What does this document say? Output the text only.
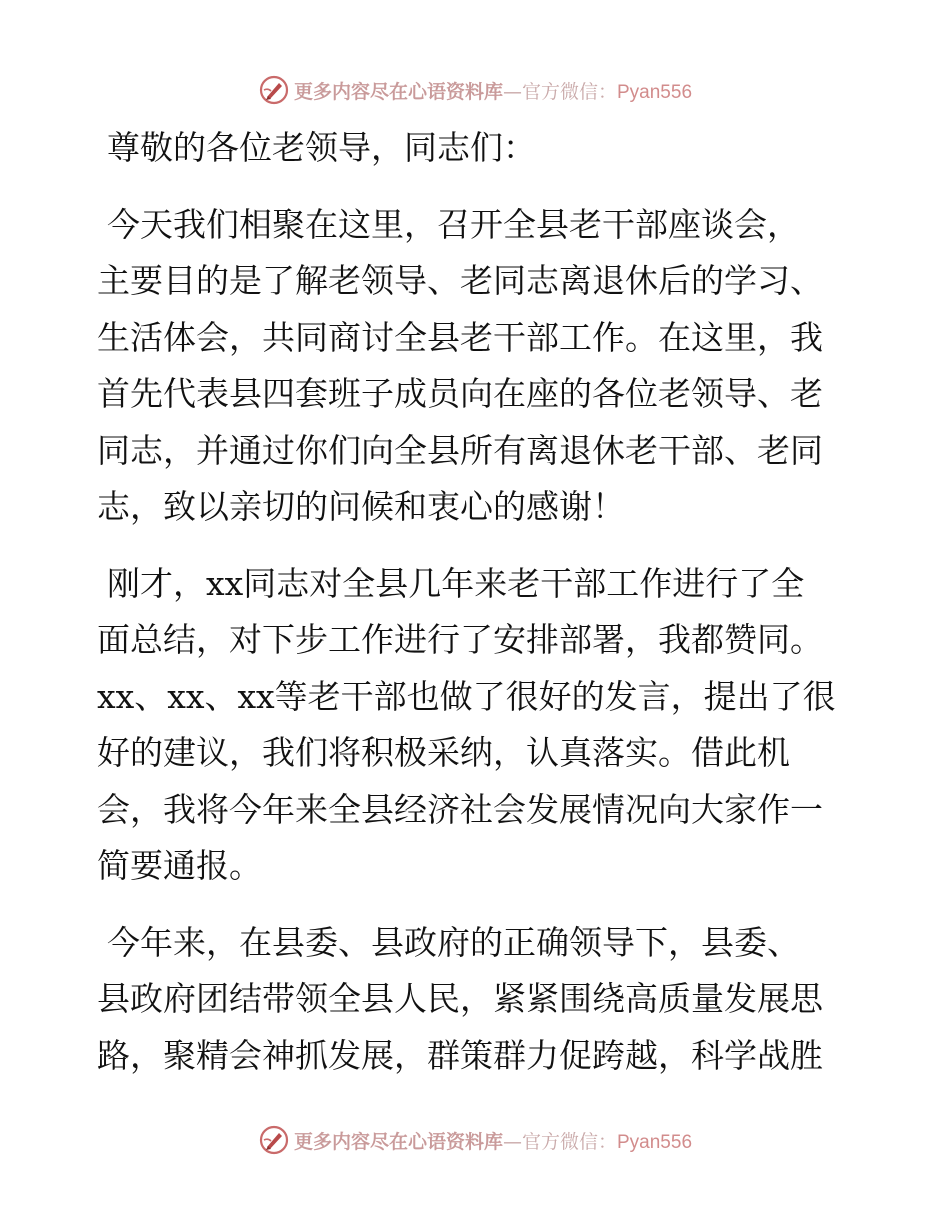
更多内容尽在心语资料库—官方微信：Pyan556
尊敬的各位老领导，同志们：
今天我们相聚在这里，召开全县老干部座谈会，
主要目的是了解老领导、老同志离退休后的学习、
生活体会，共同商讨全县老干部工作。在这里，我
首先代表县四套班子成员向在座的各位老领导、老
同志，并通过你们向全县所有离退休老干部、老同
志，致以亲切的问候和衷心的感谢！
刚才，xx同志对全县几年来老干部工作进行了全
面总结，对下步工作进行了安排部署，我都赞同。
xx、xx、xx等老干部也做了很好的发言，提出了很
好的建议，我们将积极采纳，认真落实。借此机
会，我将今年来全县经济社会发展情况向大家作一
简要通报。
今年来，在县委、县政府的正确领导下，县委、
县政府团结带领全县人民，紧紧围绕高质量发展思
路，聚精会神抓发展，群策群力促跨越，科学战胜
更多内容尽在心语资料库—官方微信：Pyan556
